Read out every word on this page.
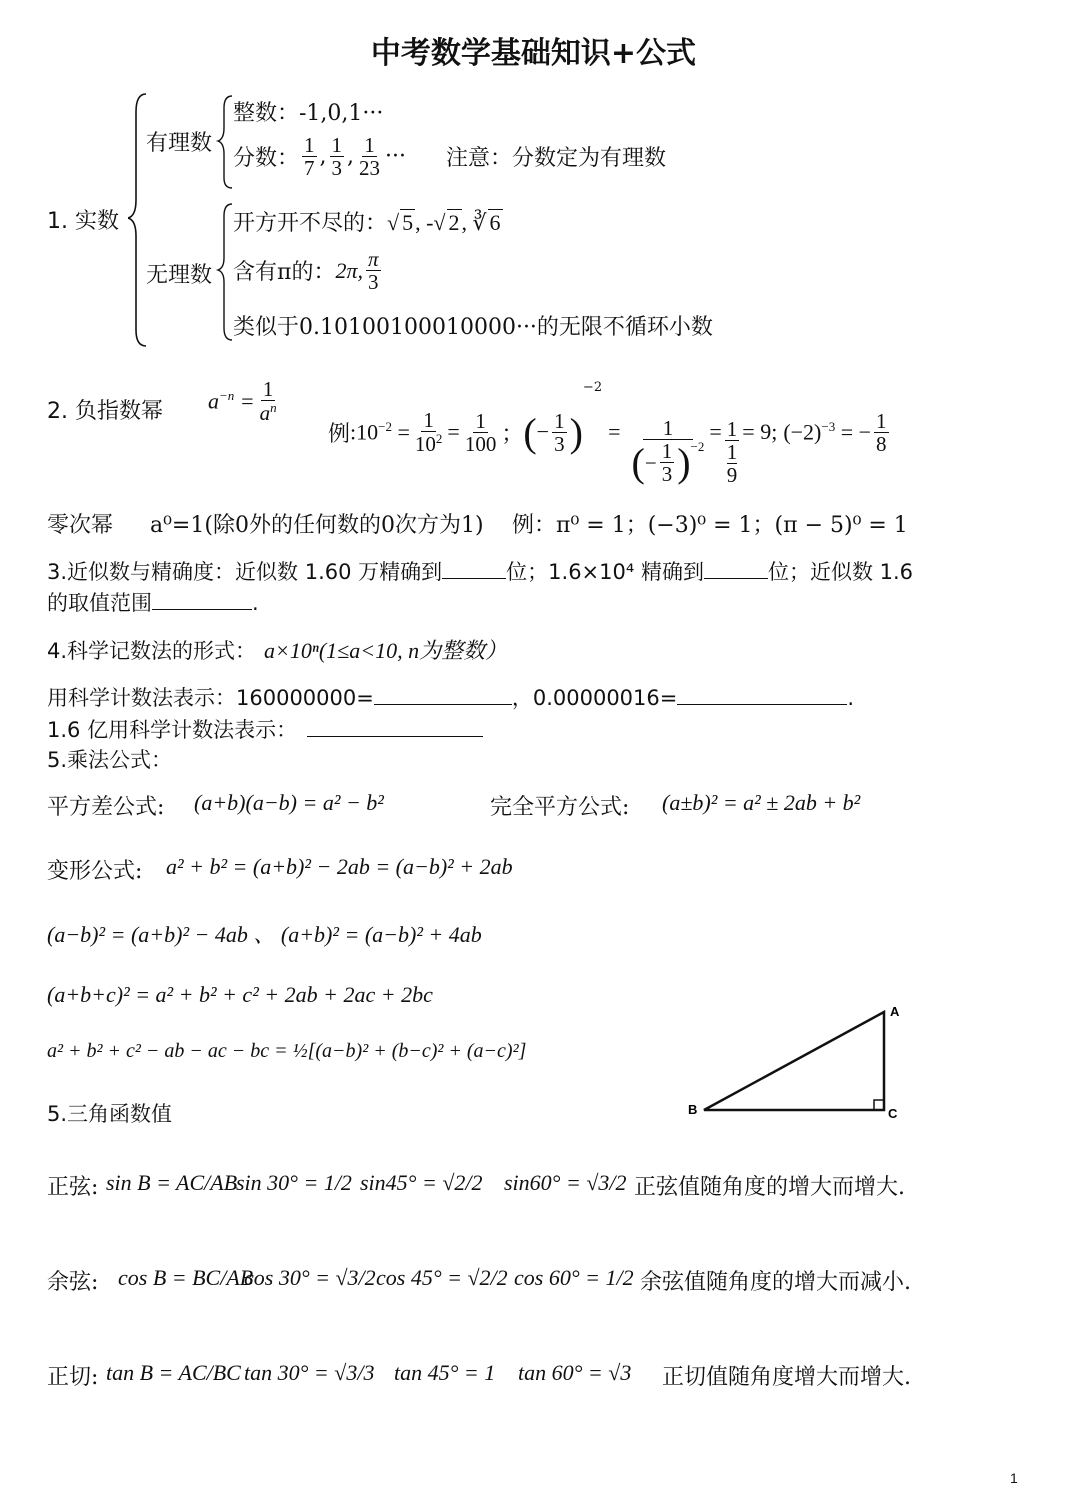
中考数学基础知识+公式
1. 实数
有理数
无理数
整数：-1,0,1···
分数： $\frac{1}{7}$ , $\frac{1}{3}$ , $\frac{1}{23}$ ··· 注意：分数定为有理数
开方开不尽的：√ 5, -√ 2, ∛ 6
含有π的： 2π, $\frac{\pi}{3}$
类似于0.10100100010000···的无限不循环小数
2. 负指数幂 $a^{-n} = \frac{1}{a^n}$
例 $:10^{-2} = \frac{1}{10^2} = \frac{1}{100}$ ； ( − $\frac{1}{3}$ )
−2
= $\frac{1}{( - \frac{1}{3} )^{-2}} = 1$
1
9 = 9; $(-2)^{-3}$ = − $\frac{1}{8}$
零次幂 a⁰=1(除0外的任何数的0次方为1) 例：π⁰ = 1；(−3)⁰ = 1；(π − 5)⁰ = 1
3.近似数与精确度：近似数 1.60 万精确到	位；1.6×10⁴ 精确到	位；近似数 1.6
的取值范围	.
4.科学记数法的形式： a×10ⁿ(1≤a<10, n为整数）
用科学计数法表示：160000000=	，0.00000016=	.
1.6 亿用科学计数法表示：
5.乘法公式：
平方差公式: (a+b)(a−b) = a² − b²	完全平方公式: (a±b)² = a² ± 2ab + b²
变形公式: a² + b² = (a+b)² − 2ab = (a−b)² + 2ab
(a−b)² = (a+b)² − 4ab 、 (a+b)² = (a−b)² + 4ab
(a+b+c)² = a² + b² + c² + 2ab + 2ac + 2bc
a² + b² + c² − ab − ac − bc = ½[(a−b)² + (b−c)² + (a−c)²]
A
B	C
5.三角函数值
正弦: sin B = AC/AB
sin 30° = 1/2 sin45° = √2/2 sin60° = √3/2 正弦值随角度的增大而增大.
余弦: cos B = BC/AB
cos 30° = √3/2 cos 45° = √2/2 cos 60° = 1/2 余弦值随角度的增大而减小.
正切: tan B = AC/BC tan 30° = √3/3 tan 45° = 1 tan 60° = √3 正切值随角度增大而增大.
1
